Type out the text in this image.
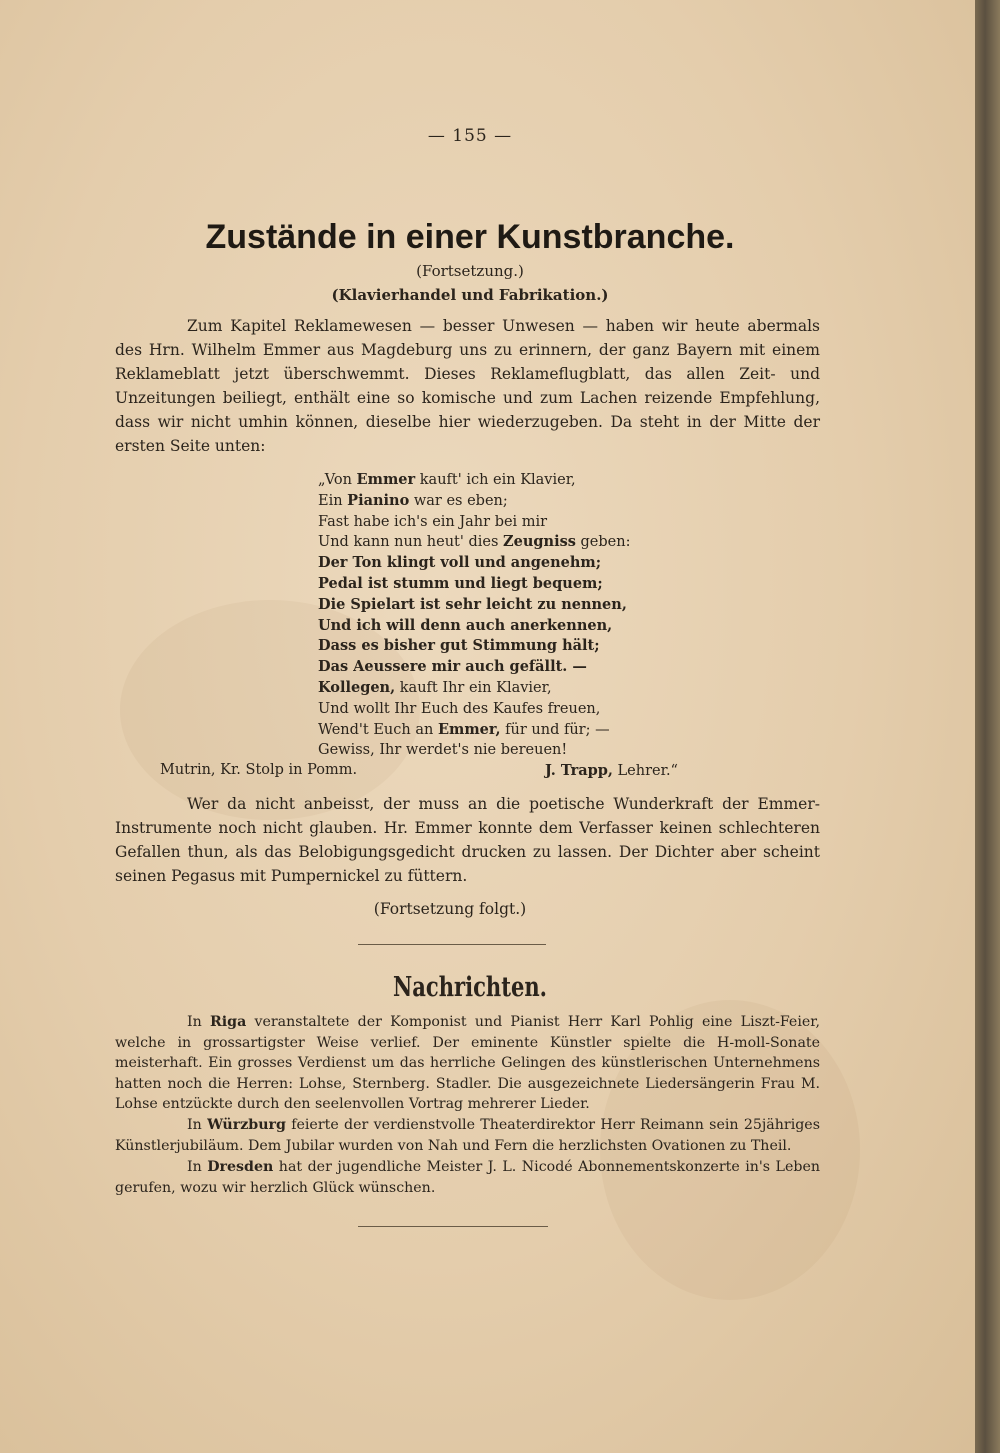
— 155 —
Zustände in einer Kunstbranche.
(Fortsetzung.)
(Klavierhandel und Fabrikation.)
Zum Kapitel Reklamewesen — besser Unwesen — haben wir heute abermals des Hrn. Wilhelm Emmer aus Magdeburg uns zu erinnern, der ganz Bayern mit einem Reklameblatt jetzt überschwemmt. Dieses Reklameflugblatt, das allen Zeit- und Unzeitungen beiliegt, enthält eine so komische und zum Lachen reizende Empfehlung, dass wir nicht umhin können, dieselbe hier wiederzugeben. Da steht in der Mitte der ersten Seite unten:
„Von Emmer kauft' ich ein Klavier,
Ein Pianino war es eben;
Fast habe ich's ein Jahr bei mir
Und kann nun heut' dies Zeugniss geben:
Der Ton klingt voll und angenehm;
Pedal ist stumm und liegt bequem;
Die Spielart ist sehr leicht zu nennen,
Und ich will denn auch anerkennen,
Dass es bisher gut Stimmung hält;
Das Aeussere mir auch gefällt. —
Kollegen, kauft Ihr ein Klavier,
Und wollt Ihr Euch des Kaufes freuen,
Wend't Euch an Emmer, für und für; —
Gewiss, Ihr werdet's nie bereuen!
Mutrin, Kr. Stolp in Pomm.	J. Trapp, Lehrer.“
Wer da nicht anbeisst, der muss an die poetische Wunderkraft der Emmer-Instrumente noch nicht glauben. Hr. Emmer konnte dem Verfasser keinen schlechteren Gefallen thun, als das Belobigungsgedicht drucken zu lassen. Der Dichter aber scheint seinen Pegasus mit Pumpernickel zu füttern.
(Fortsetzung folgt.)
Nachrichten.
In Riga veranstaltete der Komponist und Pianist Herr Karl Pohlig eine Liszt-Feier, welche in grossartigster Weise verlief. Der eminente Künstler spielte die H-moll-Sonate meisterhaft. Ein grosses Verdienst um das herrliche Gelingen des künstlerischen Unternehmens hatten noch die Herren: Lohse, Sternberg. Stadler. Die ausgezeichnete Liedersängerin Frau M. Lohse entzückte durch den seelenvollen Vortrag mehrerer Lieder.
In Würzburg feierte der verdienstvolle Theaterdirektor Herr Reimann sein 25jähriges Künstlerjubiläum. Dem Jubilar wurden von Nah und Fern die herzlichsten Ovationen zu Theil.
In Dresden hat der jugendliche Meister J. L. Nicodé Abonnementskonzerte in's Leben gerufen, wozu wir herzlich Glück wünschen.
